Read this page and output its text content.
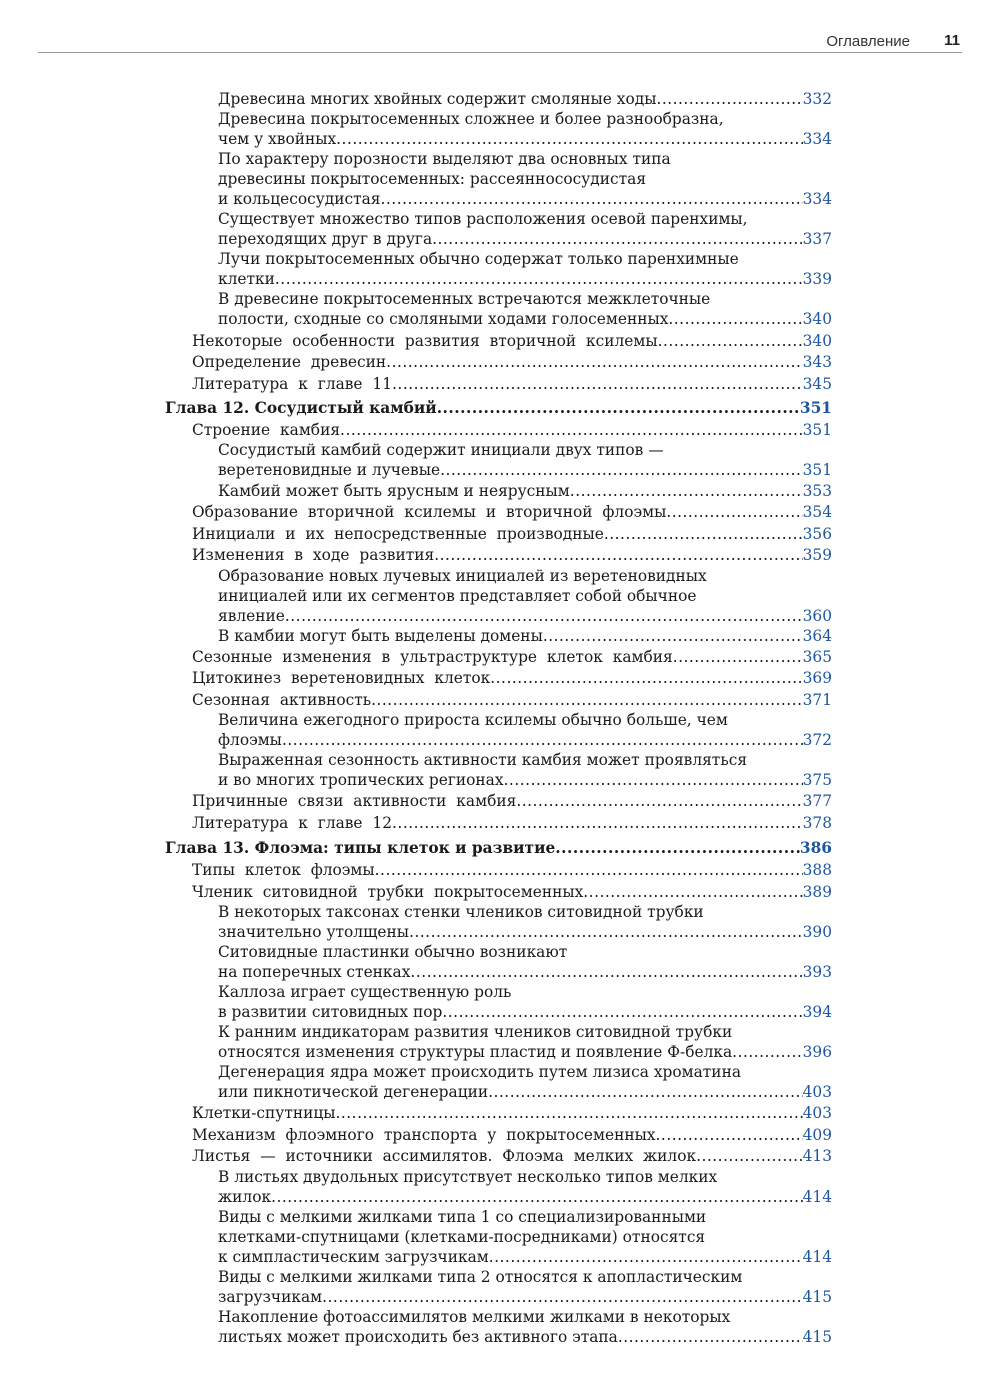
Оглавление 11
Древесина многих хвойных содержит смоляные ходы .....	332
Древесина покрытосеменных сложнее и более разнообразна,
чем у хвойных .....	334
По характеру порозности выделяют два основных типа
древесины покрытосеменных: рассеяннососудистая
и кольцесосудистая .....	334
Существует множество типов расположения осевой паренхимы,
переходящих друг в друга .....	337
Лучи покрытосеменных обычно содержат только паренхимные
клетки .....	339
В древесине покрытосеменных встречаются межклеточные
полости, сходные со смоляными ходами голосеменных .....	340
Некоторые особенности развития вторичной ксилемы .....	340
Определение древесин .....	343
Литература к главе 11 .....	345
Глава 12. Сосудистый камбий .....	351
Строение камбия .....	351
Сосудистый камбий содержит инициали двух типов —
веретеновидные и лучевые .....	351
Камбий может быть ярусным и неярусным .....	353
Образование вторичной ксилемы и вторичной флоэмы .....	354
Инициали и их непосредственные производные .....	356
Изменения в ходе развития .....	359
Образование новых лучевых инициалей из веретеновидных
инициалей или их сегментов представляет собой обычное
явление .....	360
В камбии могут быть выделены домены .....	364
Сезонные изменения в ультраструктуре клеток камбия .....	365
Цитокинез веретеновидных клеток .....	369
Сезонная активность .....	371
Величина ежегодного прироста ксилемы обычно больше, чем
флоэмы .....	372
Выраженная сезонность активности камбия может проявляться
и во многих тропических регионах .....	375
Причинные связи активности камбия .....	377
Литература к главе 12 .....	378
Глава 13. Флоэма: типы клеток и развитие .....	386
Типы клеток флоэмы .....	388
Членик ситовидной трубки покрытосеменных .....	389
В некоторых таксонах стенки члеников ситовидной трубки
значительно утолщены .....	390
Ситовидные пластинки обычно возникают
на поперечных стенках .....	393
Каллоза играет существенную роль
в развитии ситовидных пор .....	394
К ранним индикаторам развития члеников ситовидной трубки
относятся изменения структуры пластид и появление Ф-белка .....	396
Дегенерация ядра может происходить путем лизиса хроматина
или пикнотической дегенерации .....	403
Клетки-спутницы .....	403
Механизм флоэмного транспорта у покрытосеменных .....	409
Листья — источники ассимилятов. Флоэма мелких жилок .....	413
В листьях двудольных присутствует несколько типов мелких
жилок .....	414
Виды с мелкими жилками типа 1 со специализированными
клетками-спутницами (клетками-посредниками) относятся
к симпластическим загрузчикам .....	414
Виды с мелкими жилками типа 2 относятся к апопластическим
загрузчикам .....	415
Накопление фотоассимилятов мелкими жилками в некоторых
листьях может происходить без активного этапа .....	415
